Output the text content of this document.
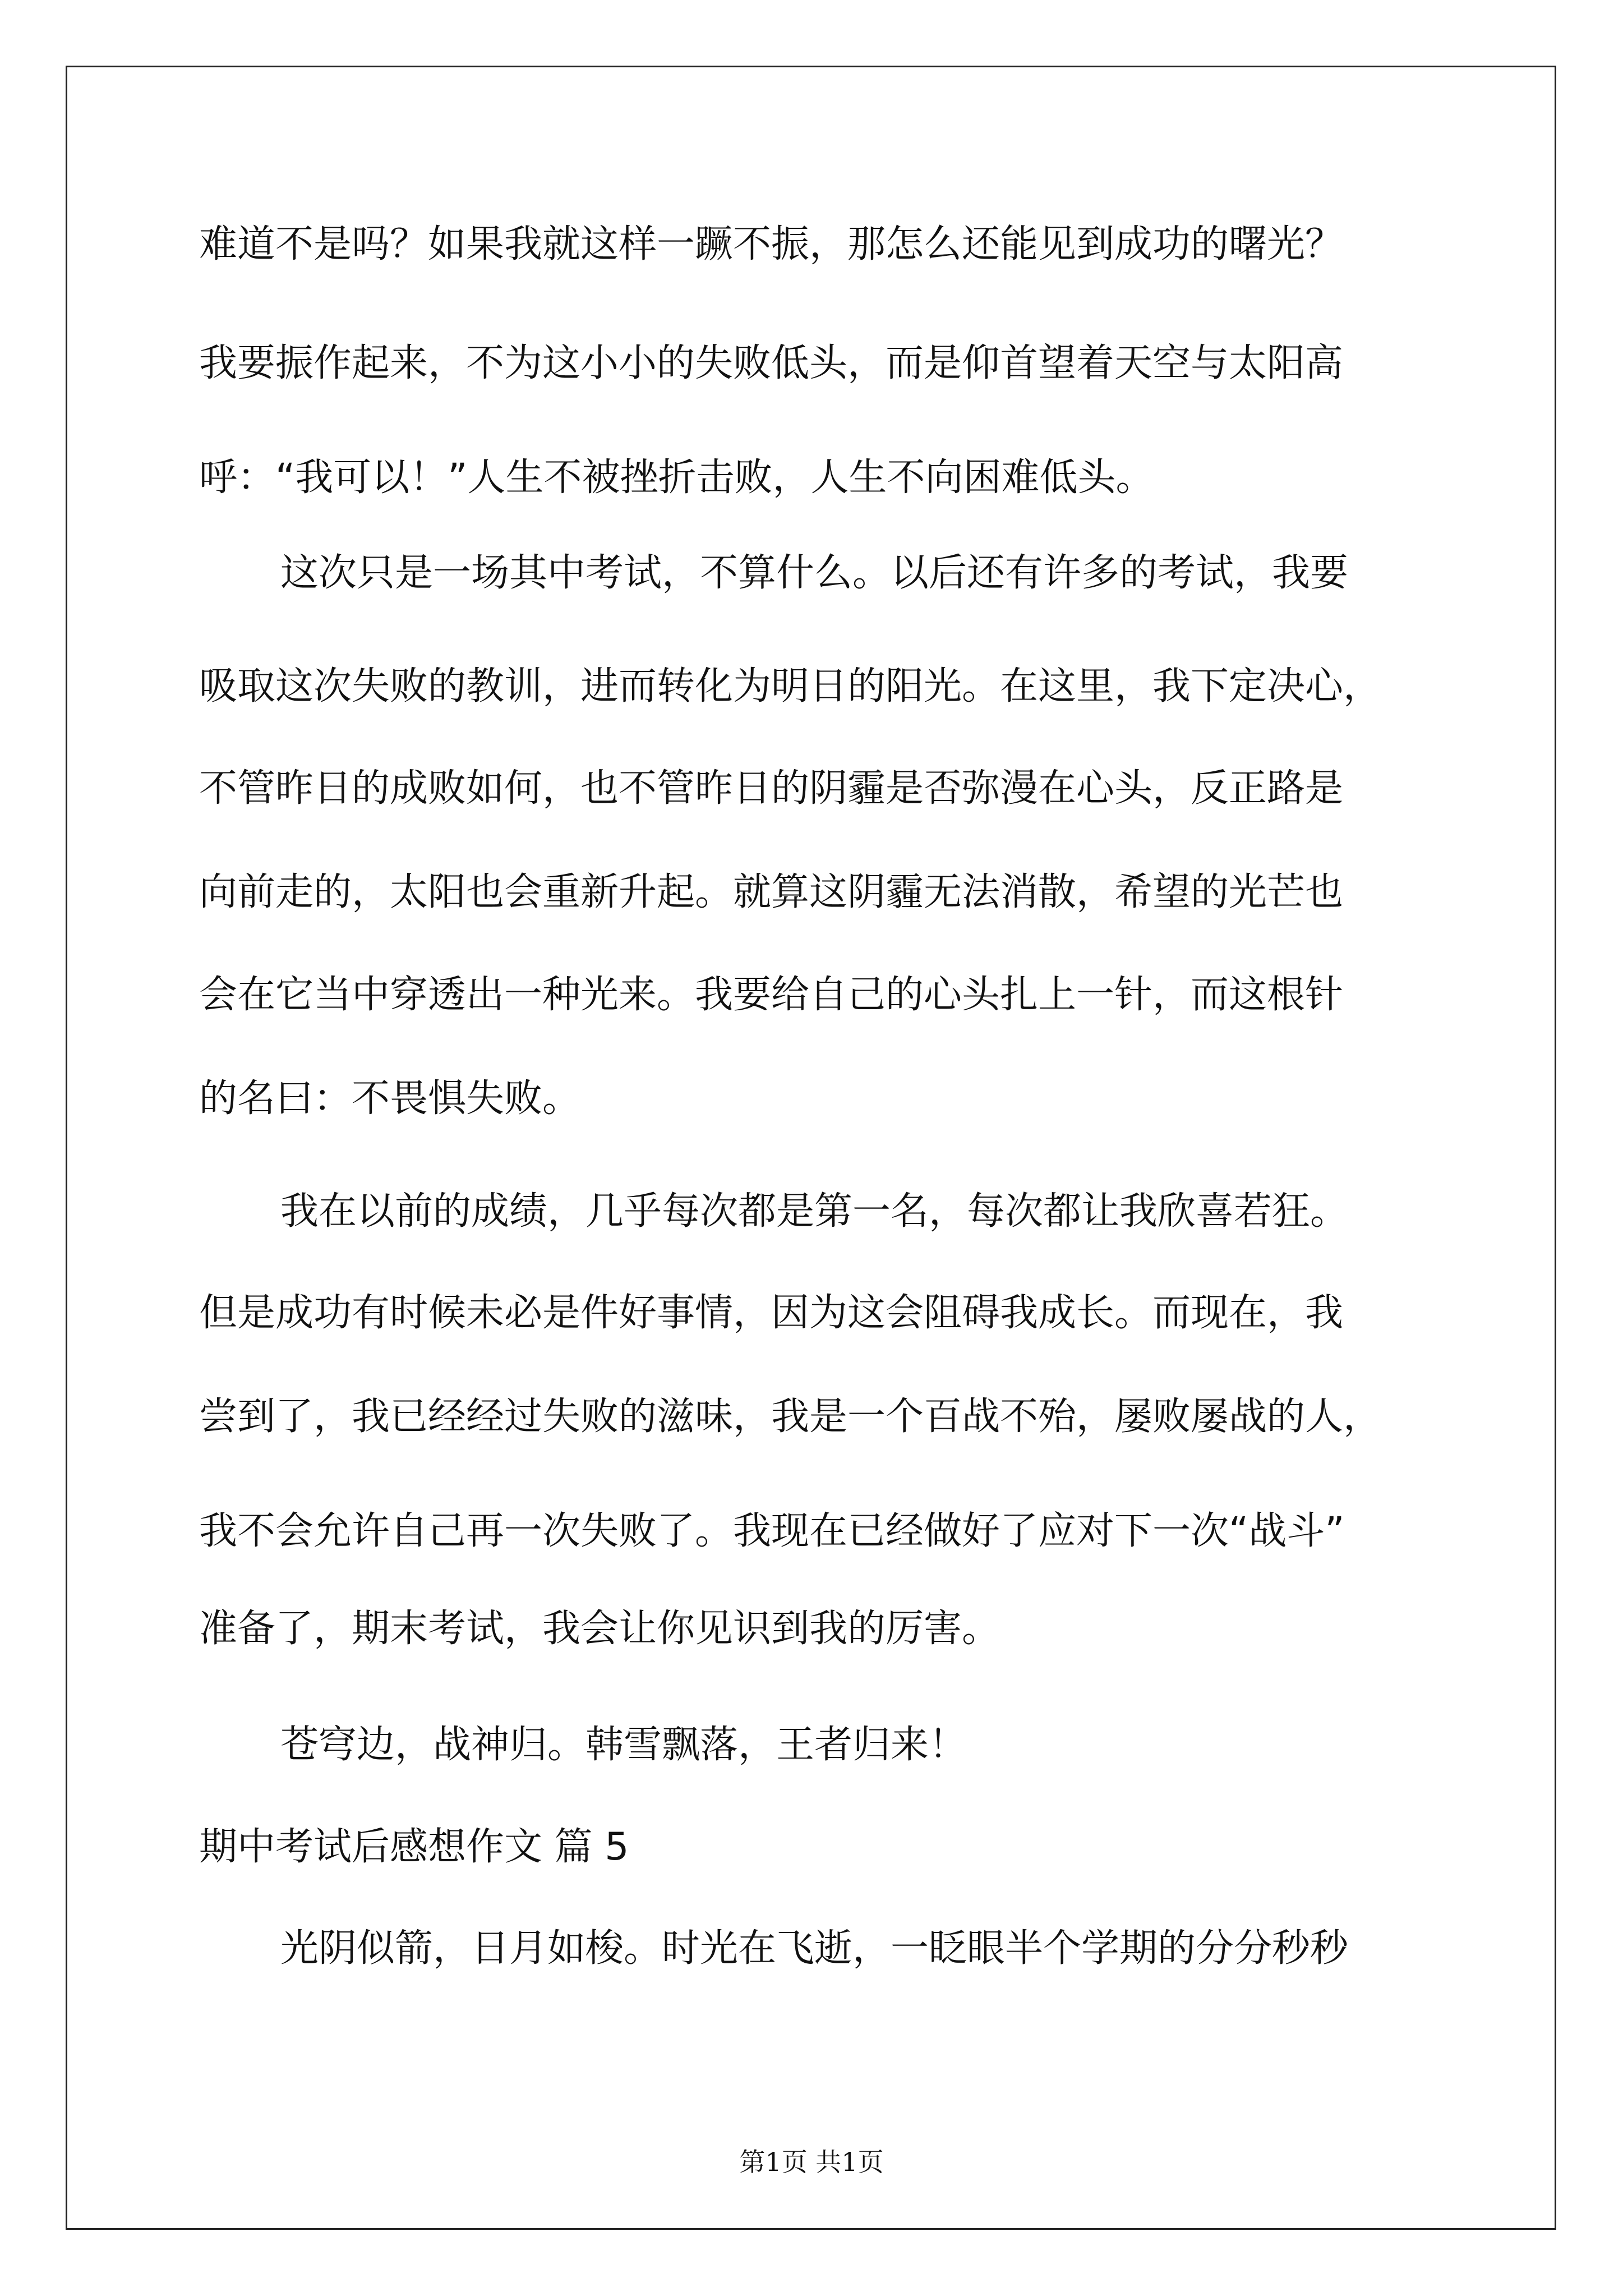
难道不是吗？如果我就这样一蹶不振，那怎么还能见到成功的曙光？
我要振作起来，不为这小小的失败低头，而是仰首望着天空与太阳高
呼：“我可以！”人生不被挫折击败，人生不向困难低头。
这次只是一场其中考试，不算什么。以后还有许多的考试，我要
吸取这次失败的教训，进而转化为明日的阳光。在这里，我下定决心，
不管昨日的成败如何，也不管昨日的阴霾是否弥漫在心头，反正路是
向前走的，太阳也会重新升起。就算这阴霾无法消散，希望的光芒也
会在它当中穿透出一种光来。我要给自己的心头扎上一针，而这根针
的名曰：不畏惧失败。
我在以前的成绩，几乎每次都是第一名，每次都让我欣喜若狂。
但是成功有时候未必是件好事情，因为这会阻碍我成长。而现在，我
尝到了，我已经经过失败的滋味，我是一个百战不殆，屡败屡战的人，
我不会允许自己再一次失败了。我现在已经做好了应对下一次“战斗”
准备了，期末考试，我会让你见识到我的厉害。
苍穹边，战神归。韩雪飘落，王者归来！
期中考试后感想作文 篇 5
光阴似箭，日月如梭。时光在飞逝，一眨眼半个学期的分分秒秒
第1页 共1页
